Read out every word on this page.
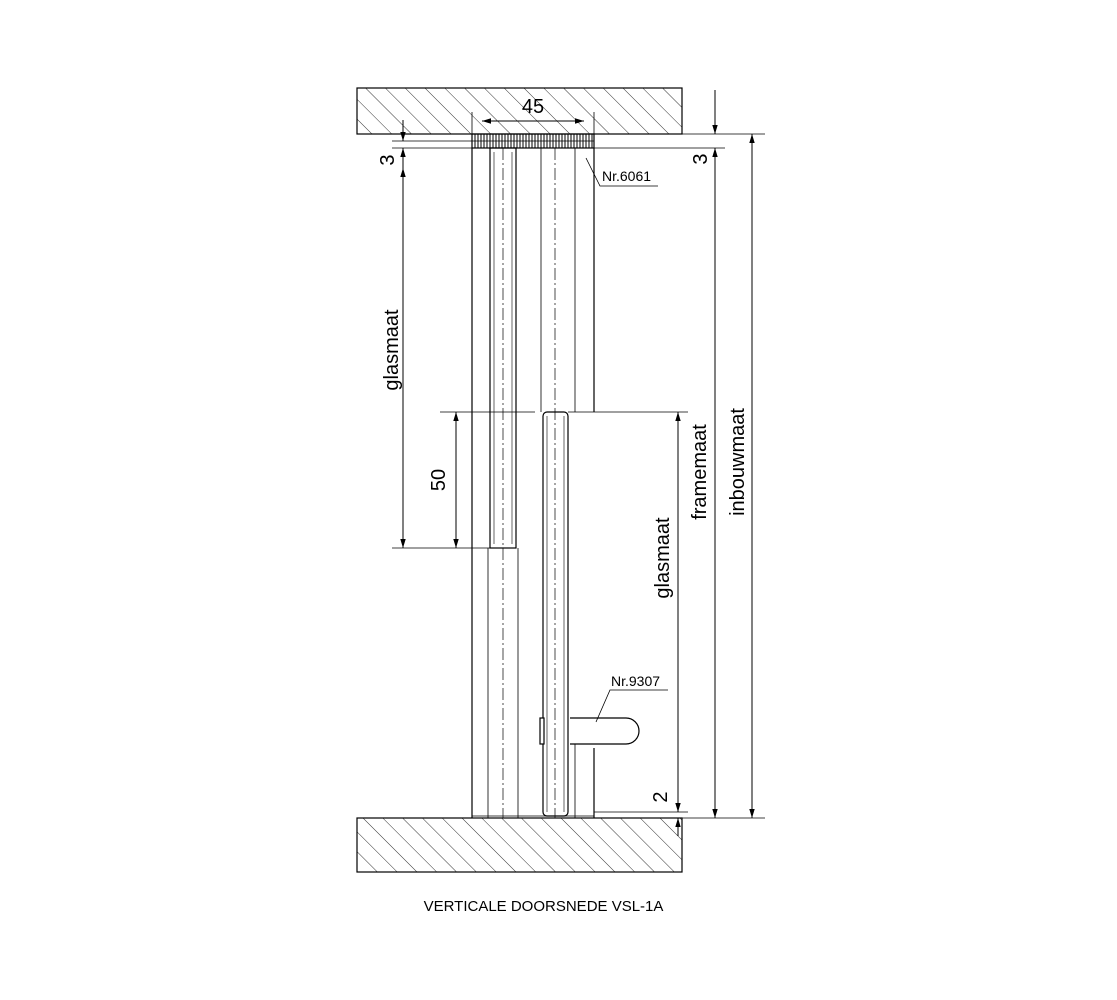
45
3
glasmaat
50
3
framemaat inbouwmaat
glasmaat
2
Nr.6061
Nr.9307
VERTICALE DOORSNEDE VSL-1A
